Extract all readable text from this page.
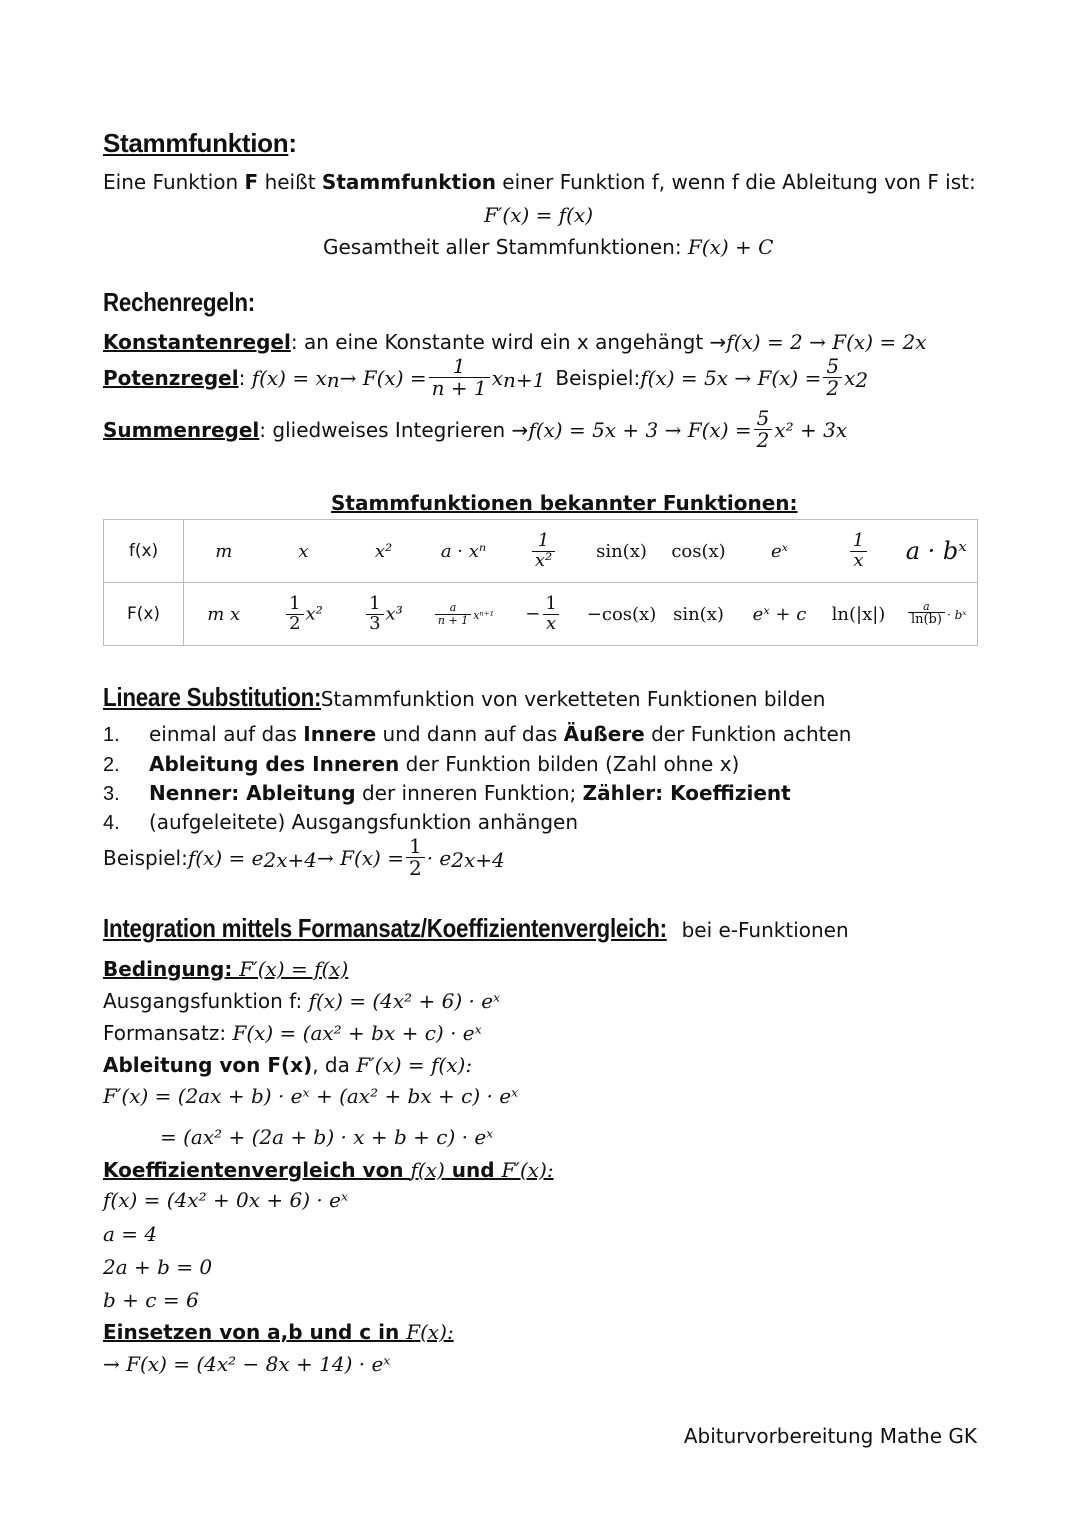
Stammfunktion:
Eine Funktion F heißt Stammfunktion einer Funktion f, wenn f die Ableitung von F ist:
F′(x) = f(x)
Gesamtheit aller Stammfunktionen: F(x) + C
Rechenregeln:
Konstantenregel: an eine Konstante wird ein x angehängt →f(x) = 2 → F(x) = 2x
Potenzregel : f(x) = x $n \to F(x) = \frac{1}{n + 1}$ x n+1 Beispiel: $f(x) = 5x \to F(x) = \frac{5}{2}$ x 2
Summenregel : gliedweises Integrieren → $f(x) = 5x + 3 \to F(x) = \frac{5}{2} x^2 + 3x$
Stammfunktionen bekannter Funktionen:
f(x)	m	x	x²	a · xⁿ	$\frac{1}{\text{x²}}$	sin(x)	cos(x)	eˣ	$\frac{1}{x}$	a · bˣ
F(x)	m x	$\frac{1}{2} x^2$	$\frac{1}{3} x^3$	$\frac{a}{n + 1} x^{n+1}$	− $\frac{1}{x}$	−cos(x)	sin(x)	eˣ + c	ln(|x|)	$\frac{a}{\ln(b)}$ · bˣ
Lineare Substitution: Stammfunktion von verketteten Funktionen bilden
1. einmal auf das Innere und dann auf das Äußere der Funktion achten
2. Ableitung des Inneren der Funktion bilden (Zahl ohne x)
3. Nenner: Ableitung der inneren Funktion; Zähler: Koeffizient
4. (aufgeleitete) Ausgangsfunktion anhängen
Beispiel: f(x) = e $2x+4 \to F(x) = \frac{1}{2} \cdot e$ 2x+4
Integration mittels Formansatz/Koeffizientenvergleich: bei e-Funktionen
Bedingung: F′(x) = f(x)
Ausgangsfunktion f: f(x) = (4x² + 6) · eˣ
Formansatz: F(x) = (ax² + bx + c) · eˣ
Ableitung von F(x), da F′(x) = f(x):
F′(x) = (2ax + b) · eˣ + (ax² + bx + c) · eˣ
= (ax² + (2a + b) · x + b + c) · eˣ
Koeffizientenvergleich von f(x) und F′(x):
f(x) = (4x² + 0x + 6) · eˣ
a = 4
2a + b = 0
b + c = 6
Einsetzen von a,b und c in F(x):
→ F(x) = (4x² − 8x + 14) · eˣ
Abiturvorbereitung Mathe GK
